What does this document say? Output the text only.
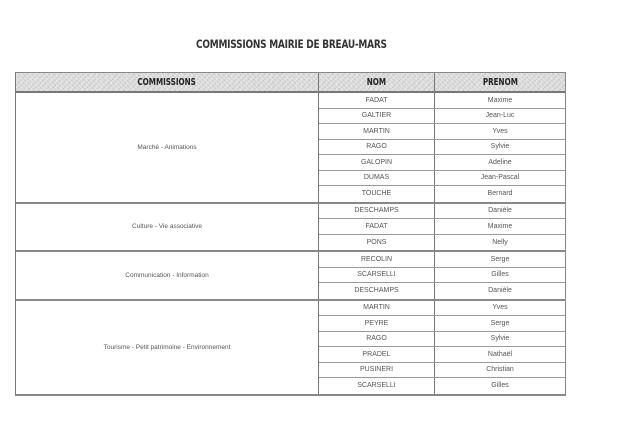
COMMISSIONS MAIRIE DE BREAU-MARS
COMMISSIONS	NOM	PRENOM
Marché - Animations
FADAT	Maxime
GALTIER	Jean-Luc
MARTIN	Yves
RAGO	Sylvie
GALOPIN	Adeline
DUMAS	Jean-Pascal
TOUCHE	Bernard
Culture - Vie associative
DESCHAMPS	Danièle
FADAT	Maxime
PONS	Nelly
Communication - Information
RECOLIN	Serge
SCARSELLI	Gilles
DESCHAMPS	Danièle
Tourisme - Petit patrimoine - Environnement
MARTIN	Yves
PEYRE	Serge
RAGO	Sylvie
PRADEL	Nathaël
PUSINERI	Christian
SCARSELLI	Gilles
